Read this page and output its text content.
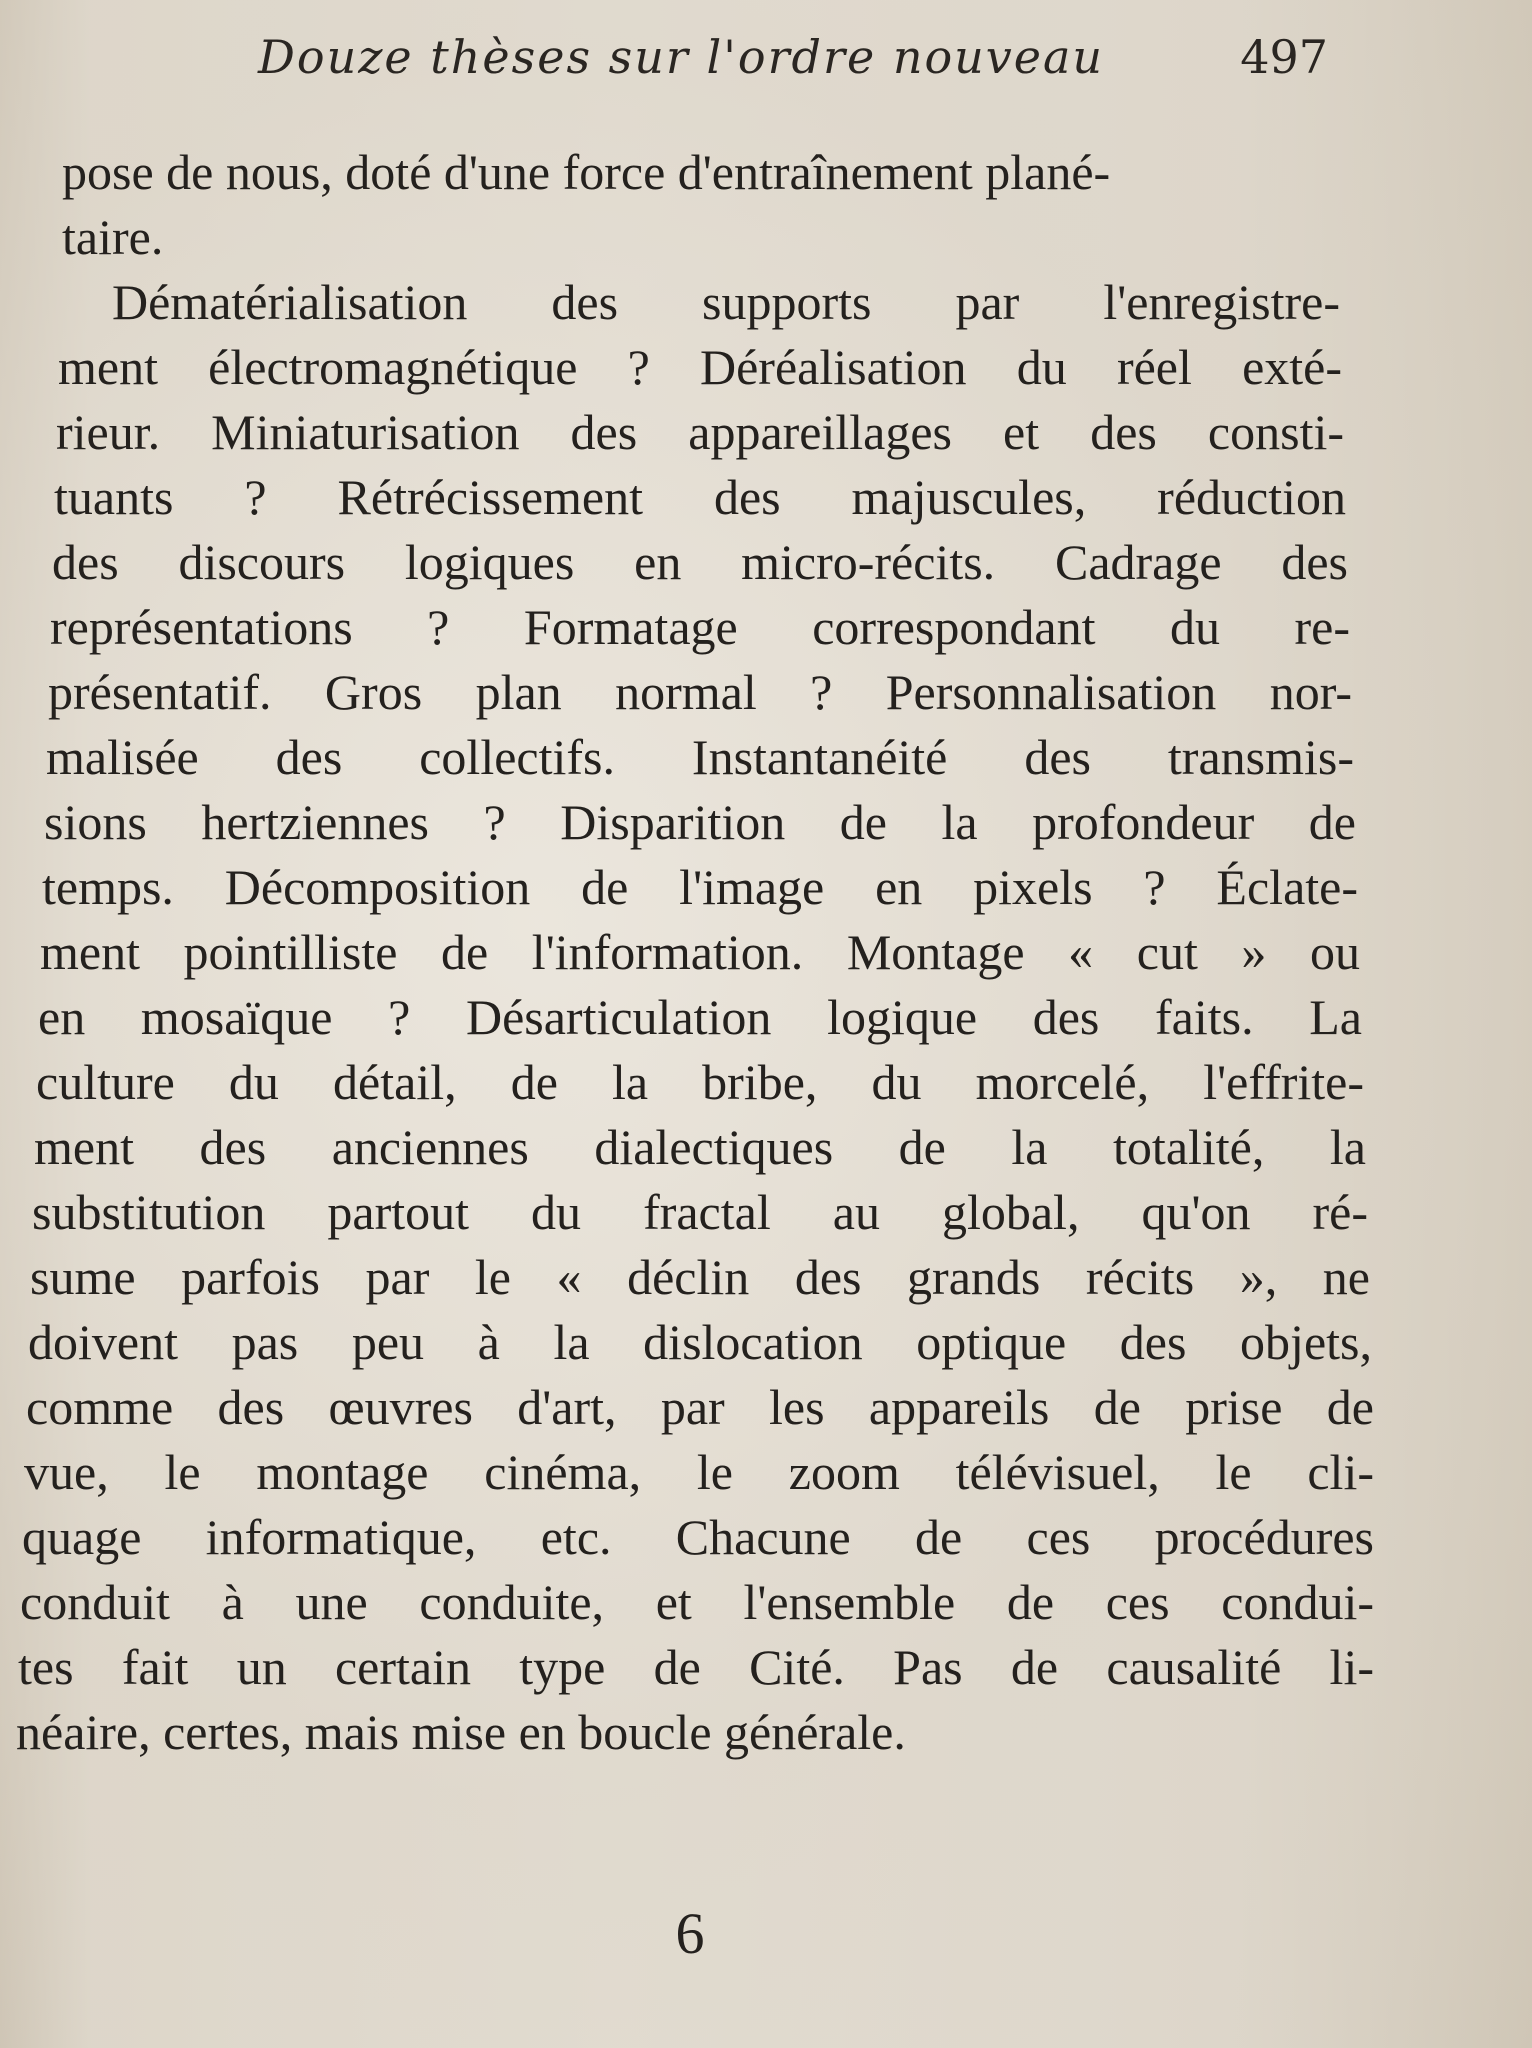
Douze thèses sur l'ordre nouveau	497
pose de nous, doté d'une force d'entraînement plané-
taire.
Dématérialisation des supports par l'enregistre-
ment électromagnétique ? Déréalisation du réel exté-
rieur. Miniaturisation des appareillages et des consti-
tuants ? Rétrécissement des majuscules, réduction
des discours logiques en micro-récits. Cadrage des
représentations ? Formatage correspondant du re-
présentatif. Gros plan normal ? Personnalisation nor-
malisée des collectifs. Instantanéité des transmis-
sions hertziennes ? Disparition de la profondeur de
temps. Décomposition de l'image en pixels ? Éclate-
ment pointilliste de l'information. Montage « cut » ou
en mosaïque ? Désarticulation logique des faits. La
culture du détail, de la bribe, du morcelé, l'effrite-
ment des anciennes dialectiques de la totalité, la
substitution partout du fractal au global, qu'on ré-
sume parfois par le « déclin des grands récits », ne
doivent pas peu à la dislocation optique des objets,
comme des œuvres d'art, par les appareils de prise de
vue, le montage cinéma, le zoom télévisuel, le cli-
quage informatique, etc. Chacune de ces procédures
conduit à une conduite, et l'ensemble de ces condui-
tes fait un certain type de Cité. Pas de causalité li-
néaire, certes, mais mise en boucle générale.
6
